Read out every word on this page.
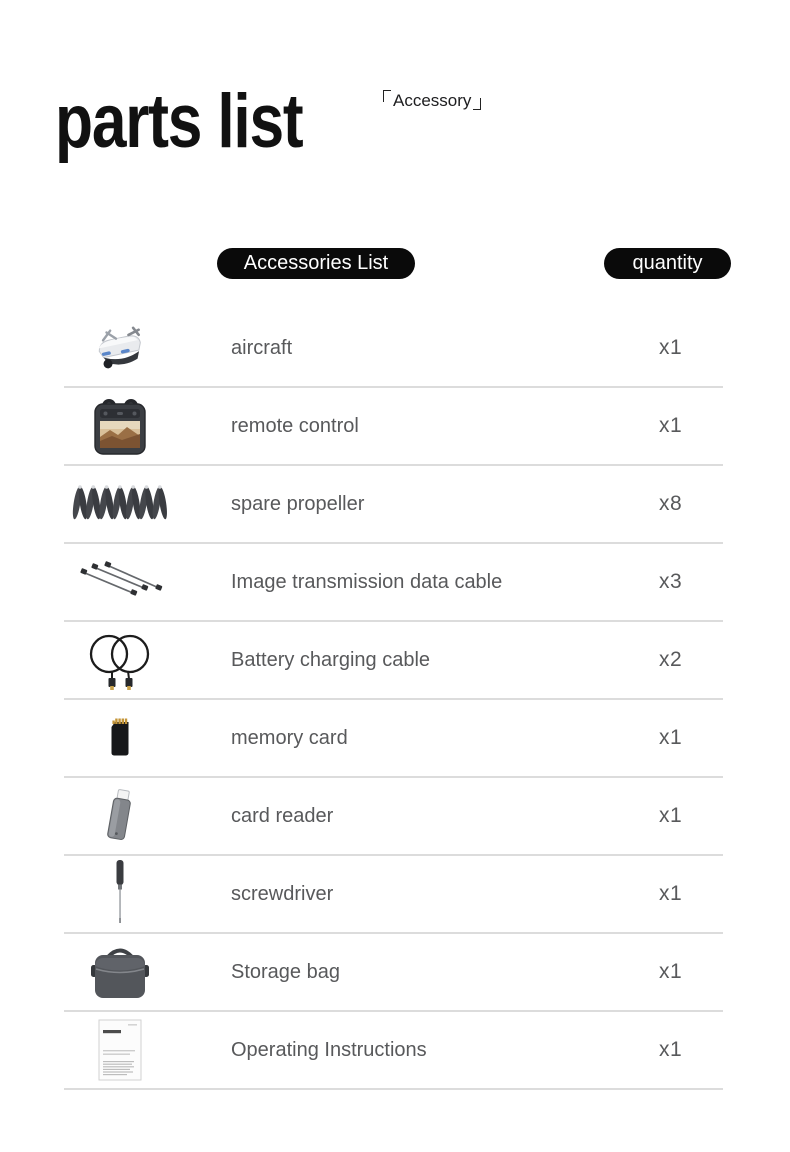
parts list	Accessory
Accessories List	quantity
aircraft	x1
remote control	x1
spare propeller	x8
Image transmission data cable	x3
Battery charging cable	x2
memory card	x1
card reader	x1
screwdriver	x1
Storage bag	x1
Operating Instructions	x1
